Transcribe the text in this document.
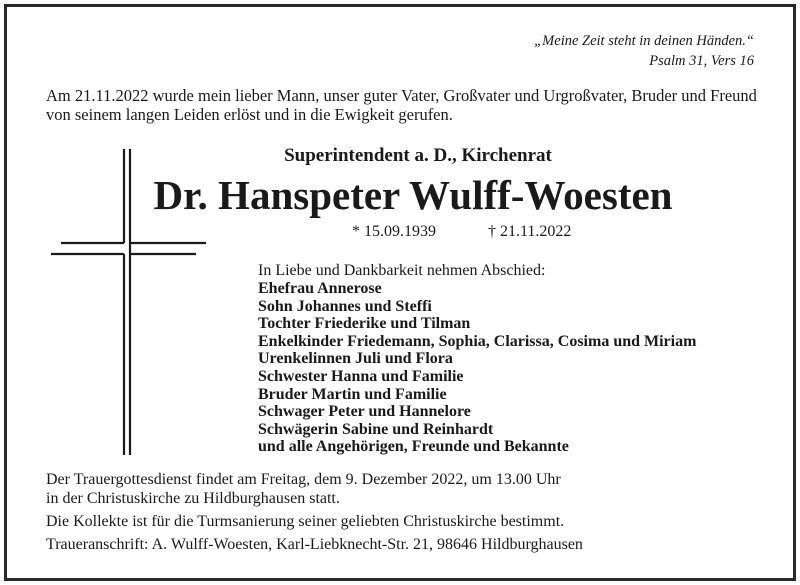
„Meine Zeit steht in deinen Händen.“
Psalm 31, Vers 16

Am 21.11.2022 wurde mein lieber Mann, unser guter Vater, Großvater und Urgroßvater, Bruder und Freund von seinem langen Leiden erlöst und in die Ewigkeit gerufen.

Superintendent a. D., Kirchenrat
Dr. Hanspeter Wulff-Woesten
* 15.09.1939	† 21.11.2022
In Liebe und Dankbarkeit nehmen Abschied:
Ehefrau Annerose
Sohn Johannes und Steffi
Tochter Friederike und Tilman
Enkelkinder Friedemann, Sophia, Clarissa, Cosima und Miriam
Urenkelinnen Juli und Flora
Schwester Hanna und Familie
Bruder Martin und Familie
Schwager Peter und Hannelore
Schwägerin Sabine und Reinhardt
und alle Angehörigen, Freunde und Bekannte
Der Trauergottesdienst findet am Freitag, dem 9. Dezember 2022, um 13.00 Uhr
in der Christuskirche zu Hildburghausen statt.
Die Kollekte ist für die Turmsanierung seiner geliebten Christuskirche bestimmt.
Traueranschrift: A. Wulff-Woesten, Karl-Liebknecht-Str. 21, 98646 Hildburghausen
